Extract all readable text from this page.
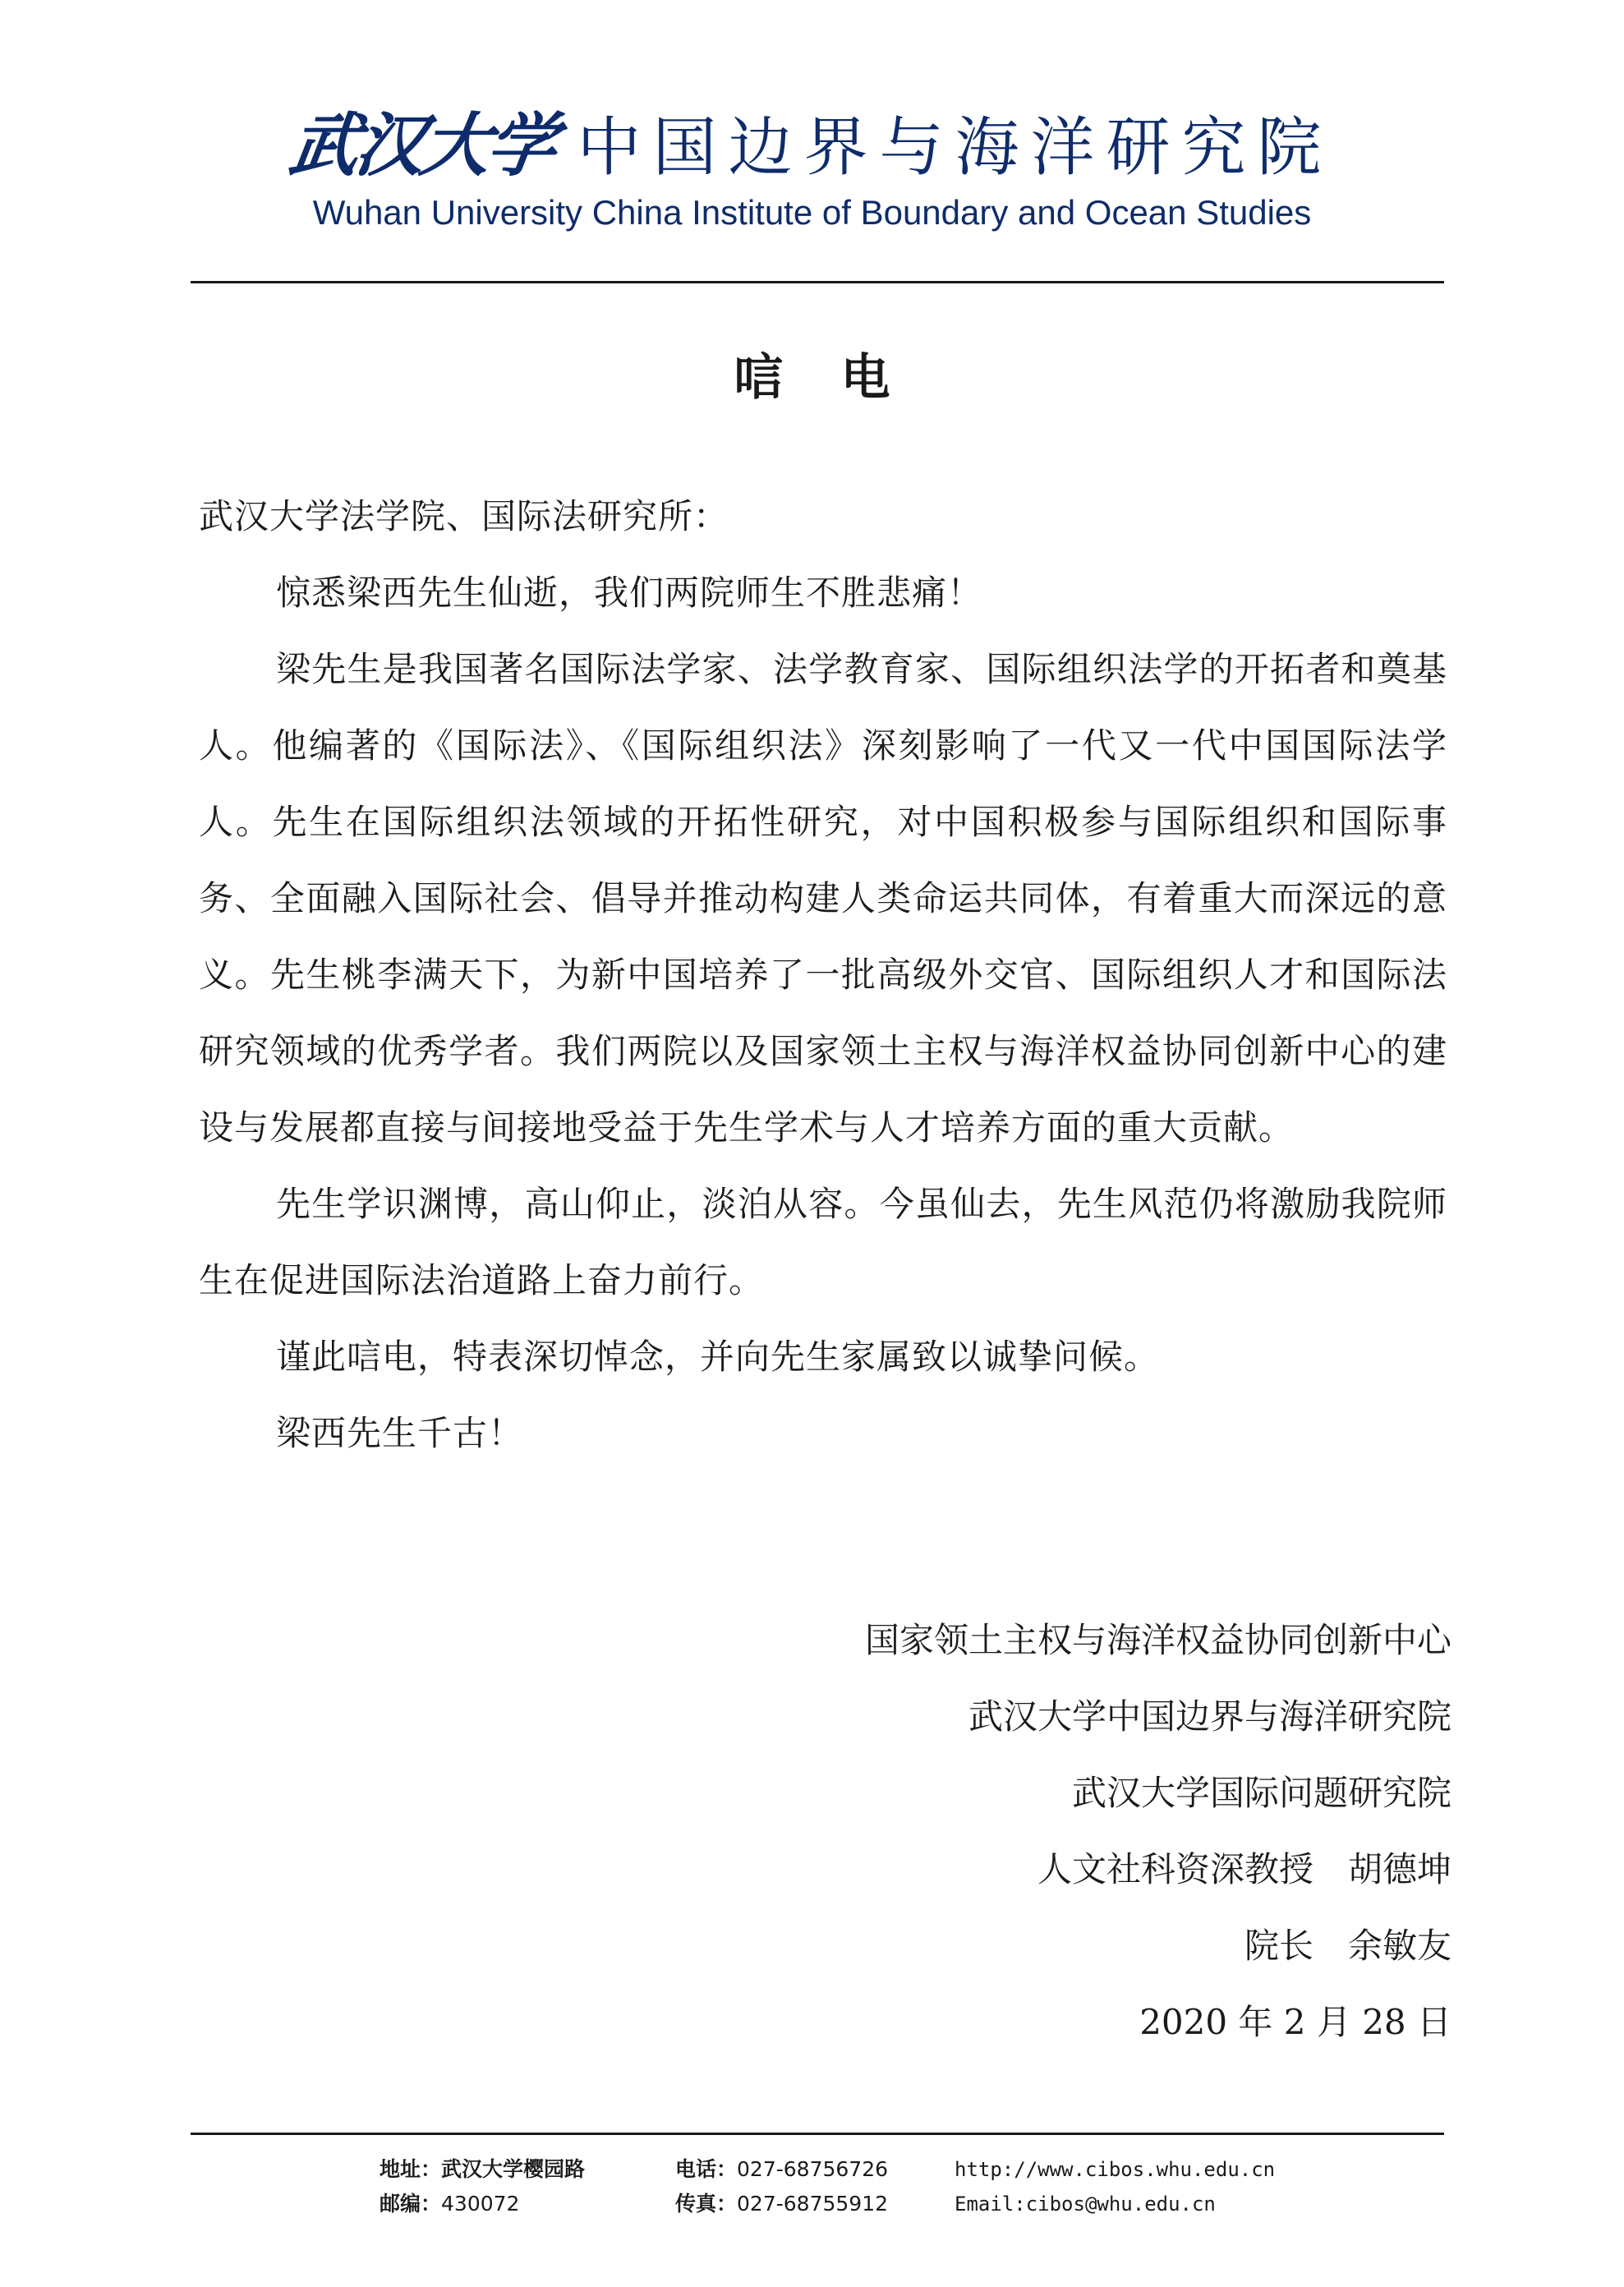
武汉大学 中国边界与海洋研究院
Wuhan University China Institute of Boundary and Ocean Studies
唁电

武汉大学法学院、国际法研究所：

惊悉梁西先生仙逝，我们两院师生不胜悲痛！

梁先生是我国著名国际法学家、法学教育家、国际组织法学的开拓者和奠基人。他编著的《国际法》、《国际组织法》深刻影响了一代又一代中国国际法学人。先生在国际组织法领域的开拓性研究，对中国积极参与国际组织和国际事务、全面融入国际社会、倡导并推动构建人类命运共同体，有着重大而深远的意义。先生桃李满天下，为新中国培养了一批高级外交官、国际组织人才和国际法研究领域的优秀学者。我们两院以及国家领土主权与海洋权益协同创新中心的建设与发展都直接与间接地受益于先生学术与人才培养方面的重大贡献。

先生学识渊博，高山仰止，淡泊从容。今虽仙去，先生风范仍将激励我院师生在促进国际法治道路上奋力前行。

谨此唁电，特表深切悼念，并向先生家属致以诚挚问候。

梁西先生千古！

国家领土主权与海洋权益协同创新中心
武汉大学中国边界与海洋研究院
武汉大学国际问题研究院
人文社科资深教授　胡德坤
院长　余敏友
2020 年 2 月 28 日
地址：武汉大学樱园路	电话：027-68756726	http://www.cibos.whu.edu.cn
邮编：430072	传真：027-68755912	Email:cibos@whu.edu.cn
